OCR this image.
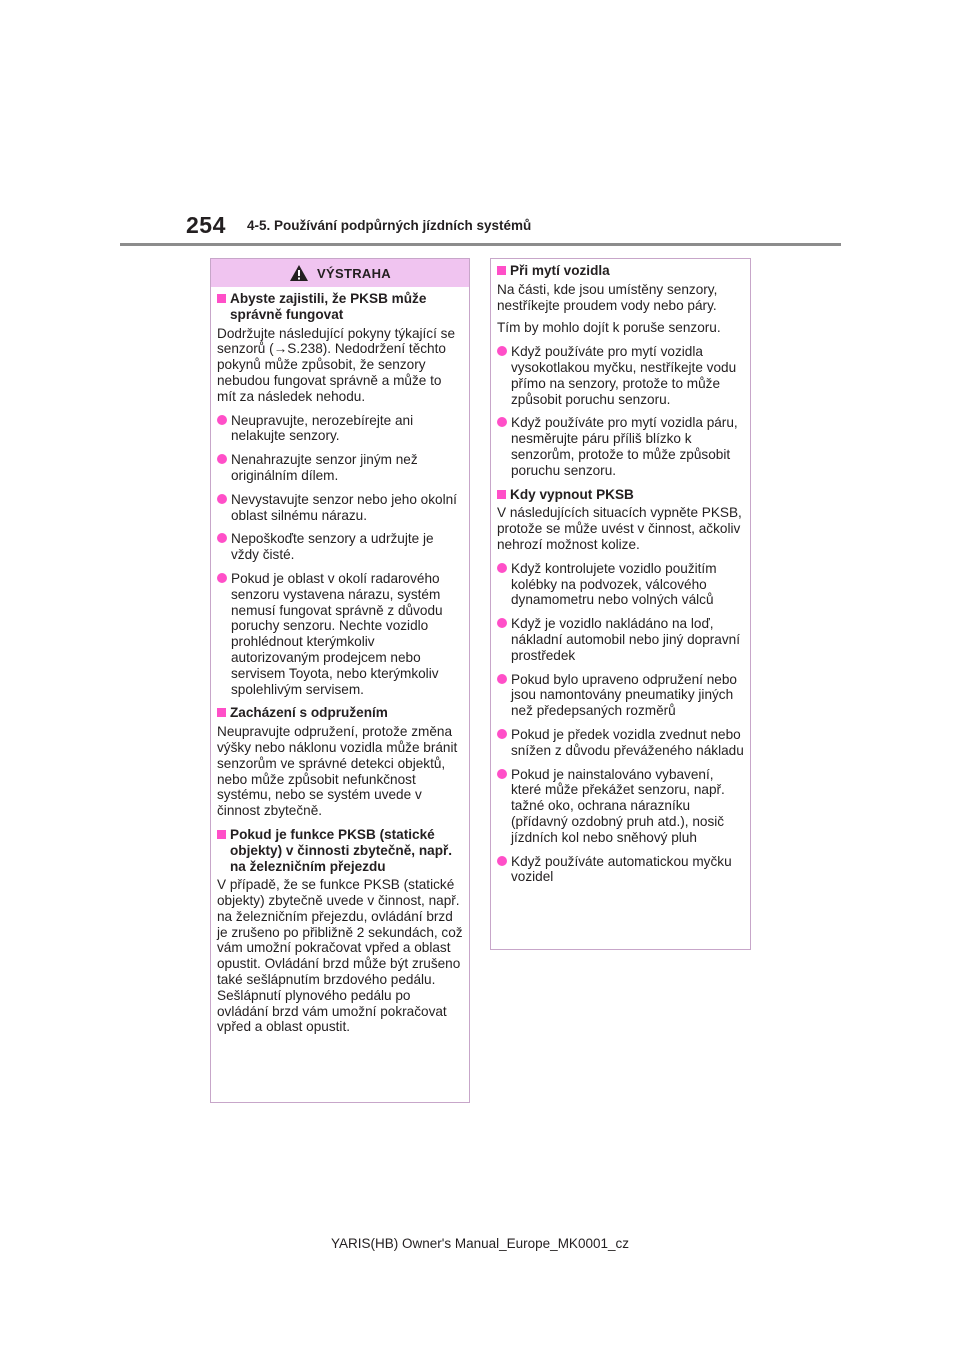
254 4-5. Používání podpůrných jízdních systémů
VÝSTRAHA
Abyste zajistili, že PKSB může správně fungovat
Dodržujte následující pokyny týkající se senzorů (→S.238). Nedodržení těchto pokynů může způsobit, že senzory nebudou fungovat správně a může to mít za následek nehodu.
Neupravujte, nerozebírejte ani nelakujte senzory.
Nenahrazujte senzor jiným než originálním dílem.
Nevystavujte senzor nebo jeho okolní oblast silnému nárazu.
Nepoškoďte senzory a udržujte je vždy čisté.
Pokud je oblast v okolí radarového senzoru vystavena nárazu, systém nemusí fungovat správně z důvodu poruchy senzoru. Nechte vozidlo prohlédnout kterýmkoliv autorizovaným prodejcem nebo servisem Toyota, nebo kterýmkoliv spolehlivým servisem.
Zacházení s odpružením
Neupravujte odpružení, protože změna výšky nebo náklonu vozidla může bránit senzorům ve správné detekci objektů, nebo může způsobit nefunkčnost systému, nebo se systém uvede v činnost zbytečně.
Pokud je funkce PKSB (statické objekty) v činnosti zbytečně, např. na železničním přejezdu
V případě, že se funkce PKSB (statické objekty) zbytečně uvede v činnost, např. na železničním přejezdu, ovládání brzd je zrušeno po přibližně 2 sekundách, což vám umožní pokračovat vpřed a oblast opustit. Ovládání brzd může být zrušeno také sešlápnutím brzdového pedálu. Sešlápnutí plynového pedálu po ovládání brzd vám umožní pokračovat vpřed a oblast opustit.
Při mytí vozidla
Na části, kde jsou umístěny senzory, nestříkejte proudem vody nebo páry.
Tím by mohlo dojít k poruše senzoru.
Když používáte pro mytí vozidla vysokotlakou myčku, nestříkejte vodu přímo na senzory, protože to může způsobit poruchu senzoru.
Když používáte pro mytí vozidla páru, nesměrujte páru příliš blízko k senzorům, protože to může způsobit poruchu senzoru.
Kdy vypnout PKSB
V následujících situacích vypněte PKSB, protože se může uvést v činnost, ačkoliv nehrozí možnost kolize.
Když kontrolujete vozidlo použitím kolébky na podvozek, válcového dynamometru nebo volných válců
Když je vozidlo nakládáno na loď, nákladní automobil nebo jiný dopravní prostředek
Pokud bylo upraveno odpružení nebo jsou namontovány pneumatiky jiných než předepsaných rozměrů
Pokud je předek vozidla zvednut nebo snížen z důvodu převáženého nákladu
Pokud je nainstalováno vybavení, které může překážet senzoru, např. tažné oko, ochrana nárazníku (přídavný ozdobný pruh atd.), nosič jízdních kol nebo sněhový pluh
Když používáte automatickou myčku vozidel
YARIS(HB) Owner's Manual_Europe_MK0001_cz
